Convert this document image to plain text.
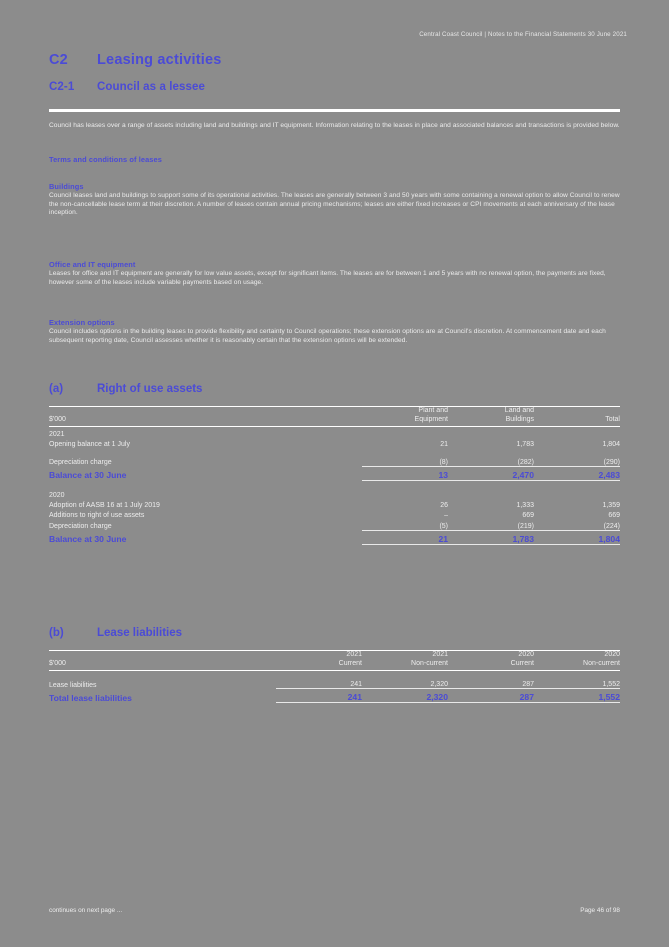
Central Coast Council | Notes to the Financial Statements 30 June 2021
C2 Leasing activities
C2-1 Council as a lessee

Council has leases over a range of assets including land and buildings and IT equipment. Information relating to the leases in place and associated balances and transactions is provided below.

Terms and conditions of leases
Buildings

Council leases land and buildings to support some of its operational activities. The leases are generally between 3 and 50 years with some containing a renewal option to allow Council to renew the non-cancellable lease term at their discretion. A number of leases contain annual pricing mechanisms; leases are either fixed increases or CPI movements at each anniversary of the lease inception.

Office and IT equipment

Leases for office and IT equipment are generally for low value assets, except for significant items. The leases are for between 1 and 5 years with no renewal option, the payments are fixed, however some of the leases include variable payments based on usage.

Extension options

Council includes options in the building leases to provide flexibility and certainty to Council operations; these extension options are at Council's discretion. At commencement date and each subsequent reporting date, Council assesses whether it is reasonably certain that the extension options will be extended.

(a)	Right of use assets
	Plant and	Land and	
$'000	Equipment	Buildings	Total
2021			
Opening balance at 1 July	21	1,783	1,804

Depreciation charge	(8)	(282)	(290)
Balance at 30 June	13	2,470	2,483

2020			
Adoption of AASB 16 at 1 July 2019	26	1,333	1,359
Additions to right of use assets	–	669	669
Depreciation charge	(5)	(219)	(224)
Balance at 30 June	21	1,783	1,804
(b)	Lease liabilities
	2021	2021	2020	2020
$'000	Current	Non-current	Current	Non-current

Lease liabilities	241	2,320	287	1,552
Total lease liabilities	241	2,320	287	1,552
continues on next page ...	Page 46 of 98
